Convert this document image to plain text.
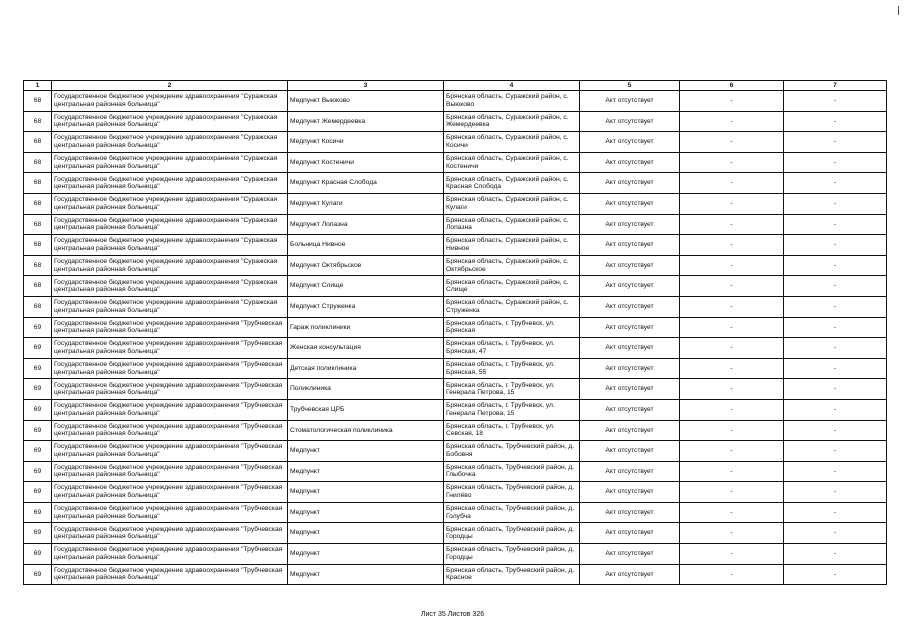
1	2	3	4	5	6	7
68	Государственное бюджетное учреждение здравоохранения "Суражская центральная районная больница"	Медпункт Выюково	Брянская область, Суражский район, с. Выюково	Акт отсутствует	-	-
68	Государственное бюджетное учреждение здравоохранения "Суражская центральная районная больница"	Медпункт Жемердеевка	Брянская область, Суражский район, с. Жемердеевка	Акт отсутствует	-	-
68	Государственное бюджетное учреждение здравоохранения "Суражская центральная районная больница"	Медпункт Косичи	Брянская область, Суражский район, с. Косичи	Акт отсутствует	-	-
68	Государственное бюджетное учреждение здравоохранения "Суражская центральная районная больница"	Медпункт Костеничи	Брянская область, Суражский район, с. Костеничи	Акт отсутствует	-	-
68	Государственное бюджетное учреждение здравоохранения "Суражская центральная районная больница"	Медпункт Красная Слобода	Брянская область, Суражский район, с. Красная Слобода	Акт отсутствует	-	-
68	Государственное бюджетное учреждение здравоохранения "Суражская центральная районная больница"	Медпункт Кулаги	Брянская область, Суражский район, с. Кулаги	Акт отсутствует	-	-
68	Государственное бюджетное учреждение здравоохранения "Суражская центральная районная больница"	Медпункт Лопазна	Брянская область, Суражский район, с. Лопазна	Акт отсутствует	-	-
68	Государственное бюджетное учреждение здравоохранения "Суражская центральная районная больница"	Больница Нивное	Брянская область, Суражский район, с. Нивное	Акт отсутствует	-	-
68	Государственное бюджетное учреждение здравоохранения "Суражская центральная районная больница"	Медпункт Октябрьское	Брянская область, Суражский район, с. Октябрьское	Акт отсутствует	-	-
68	Государственное бюджетное учреждение здравоохранения "Суражская центральная районная больница"	Медпункт Слище	Брянская область, Суражский район, с. Слище	Акт отсутствует	-	-
68	Государственное бюджетное учреждение здравоохранения "Суражская центральная районная больница"	Медпункт Струженка	Брянская область, Суражский район, с. Струженка	Акт отсутствует	-	-
69	Государственное бюджетное учреждение здравоохранения "Трубчевская центральная районная больница"	Гараж поликлиники	Брянская область, г. Трубчевск, ул. Брянская	Акт отсутствует	-	-
69	Государственное бюджетное учреждение здравоохранения "Трубчевская центральная районная больница"	Женская консультация	Брянская область, г. Трубчевск, ул. Брянская, 47	Акт отсутствует	-	-
69	Государственное бюджетное учреждение здравоохранения "Трубчевская центральная районная больница"	Детская поликлиника	Брянская область, г. Трубчевск, ул. Брянская, 55	Акт отсутствует	-	-
69	Государственное бюджетное учреждение здравоохранения "Трубчевская центральная районная больница"	Поликлиника	Брянская область, г. Трубчевск, ул. Генерала Петрова, 15	Акт отсутствует	-	-
69	Государственное бюджетное учреждение здравоохранения "Трубчевская центральная районная больница"	Трубчевская ЦРБ	Брянская область, г. Трубчевск, ул. Генерала Петрова, 15	Акт отсутствует	-	-
69	Государственное бюджетное учреждение здравоохранения "Трубчевская центральная районная больница"	Стоматологическая поликлиника	Брянская область, г. Трубчевск, ул. Севская, 18	Акт отсутствует	-	-
69	Государственное бюджетное учреждение здравоохранения "Трубчевская центральная районная больница"	Медпункт	Брянская область, Трубчевский район, д. Бобовня	Акт отсутствует	-	-
69	Государственное бюджетное учреждение здравоохранения "Трубчевская центральная районная больница"	Медпункт	Брянская область, Трубчевский район, д. Глыбочка	Акт отсутствует	-	-
69	Государственное бюджетное учреждение здравоохранения "Трубчевская центральная районная больница"	Медпункт	Брянская область, Трубчевский район, д. Гнилёво	Акт отсутствует	-	-
69	Государственное бюджетное учреждение здравоохранения "Трубчевская центральная районная больница"	Медпункт	Брянская область, Трубчевский район, д. Голубча	Акт отсутствует	-	-
69	Государственное бюджетное учреждение здравоохранения "Трубчевская центральная районная больница"	Медпункт	Брянская область, Трубчевский район, д. Городцы	Акт отсутствует	-	-
69	Государственное бюджетное учреждение здравоохранения "Трубчевская центральная районная больница"	Медпункт	Брянская область, Трубчевский район, д. Городцы	Акт отсутствует	-	-
69	Государственное бюджетное учреждение здравоохранения "Трубчевская центральная районная больница"	Медпункт	Брянская область, Трубчевский район, д. Красное	Акт отсутствует	-	-
Лист 35 Листов 326
